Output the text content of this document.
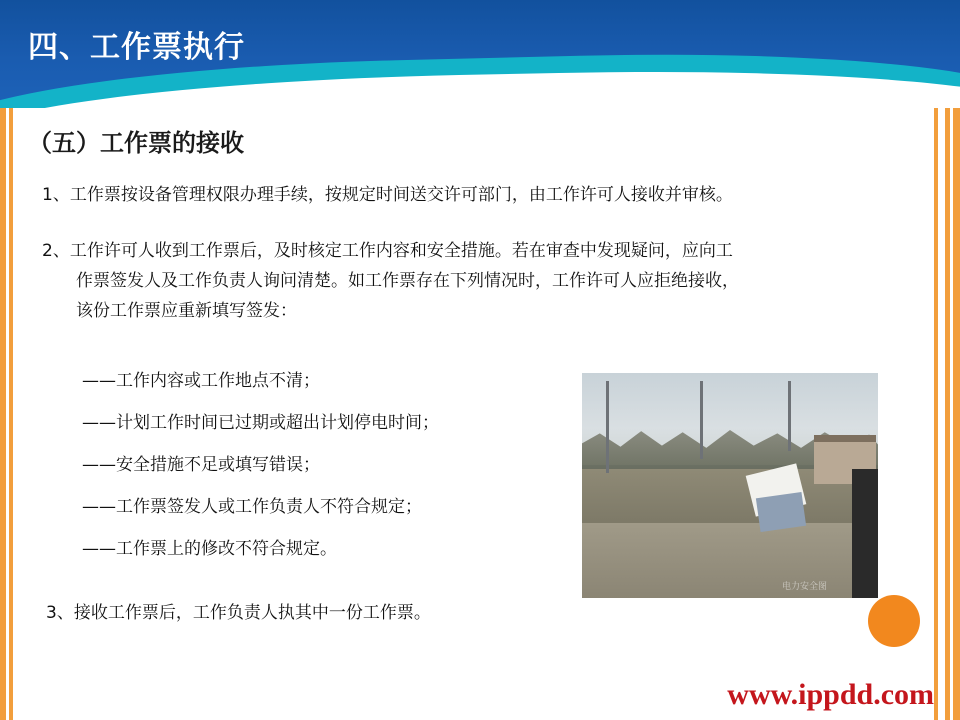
四、工作票执行
（五）工作票的接收
1、工作票按设备管理权限办理手续，按规定时间送交许可部门，由工作许可人接收并审核。
2、工作许可人收到工作票后，及时核定工作内容和安全措施。若在审查中发现疑问，应向工
作票签发人及工作负责人询问清楚。如工作票存在下列情况时，工作许可人应拒绝接收，
该份工作票应重新填写签发：
——工作内容或工作地点不清；
——计划工作时间已过期或超出计划停电时间；
——安全措施不足或填写错误；
——工作票签发人或工作负责人不符合规定；
——工作票上的修改不符合规定。
3、接收工作票后，工作负责人执其中一份工作票。
电力安全图
www.ippdd.com
